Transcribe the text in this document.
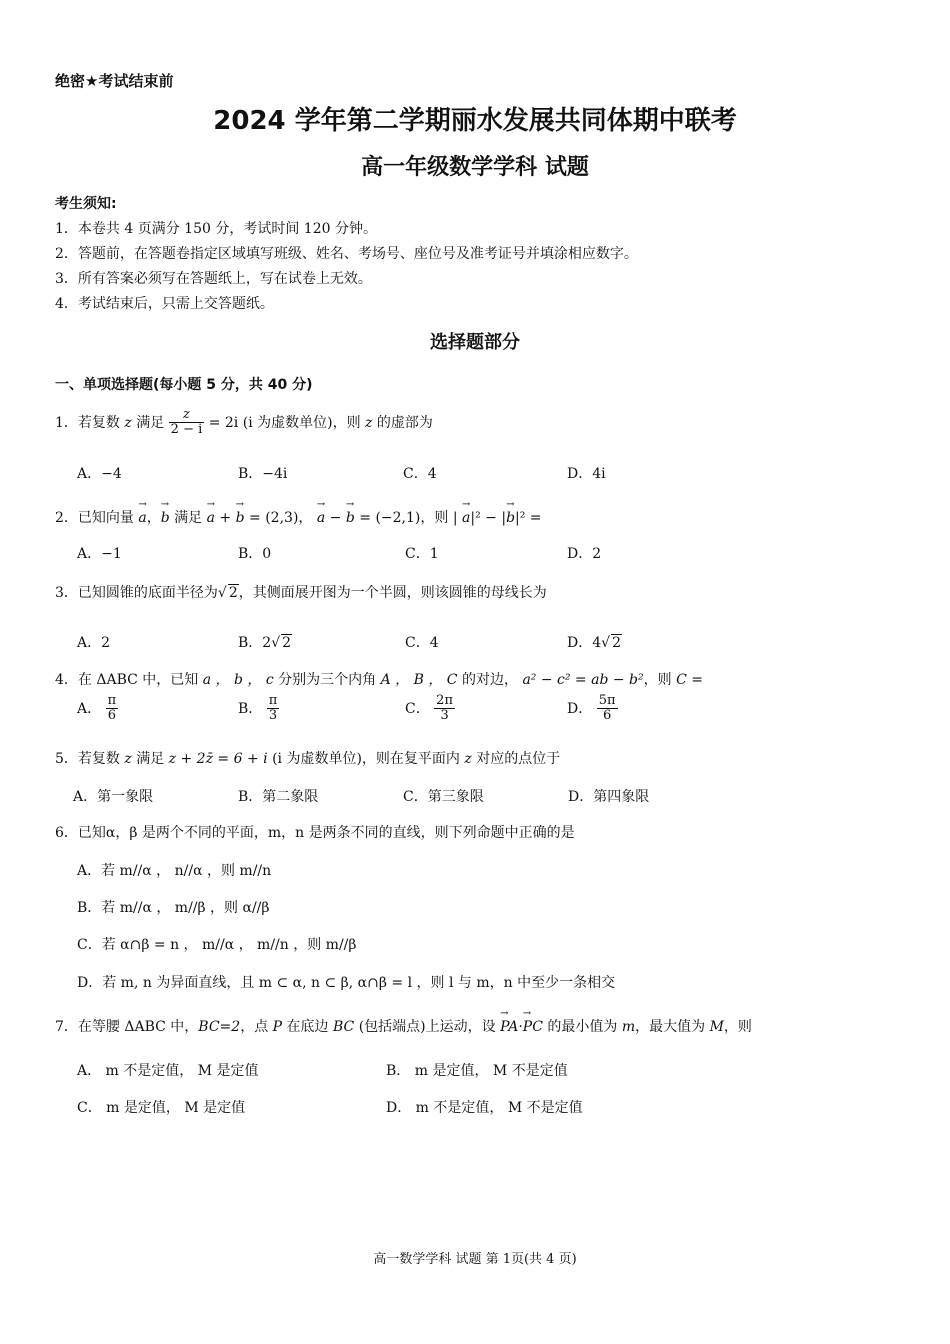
绝密★考试结束前
2024 学年第二学期丽水发展共同体期中联考
高一年级数学学科 试题
考生须知:
1．本卷共 4 页满分 150 分，考试时间 120 分钟。
2．答题前，在答题卷指定区域填写班级、姓名、考场号、座位号及准考证号并填涂相应数字。
3．所有答案必须写在答题纸上，写在试卷上无效。
4．考试结束后，只需上交答题纸。
选择题部分
一、单项选择题(每小题 5 分，共 40 分)
1．若复数 z 满足 $\frac{z}{2 - i} = 2i$ (i 为虚数单位)，则 z 的虚部为
A．−4	B．−4i	C．4	D．4i
2．已知向量 → a，→ b 满足 → a + → b = (2,3)， → a − → b = (−2,1)，则 | → a|² − |→ b|² =
A．−1	B．0	C．1	D．2
3．已知圆锥的底面半径为√ 2，其侧面展开图为一个半圆，则该圆锥的母线长为
A．2	B．2√ 2	C．4	D．4√ 2
4．在 ΔABC 中，已知 a ， b ， c 分别为三个内角 A ， B ， C 的对边， a² − c² = ab − b²，则 C =
A． $\frac{\pi}{6}$	B． $\frac{\pi}{3}$	C． $\frac{2\pi}{3}$	D． $\frac{5\pi}{6}$
5．若复数 z 满足 z + 2z̄ = 6 + i (i 为虚数单位)，则在复平面内 z 对应的点位于
A．第一象限	B．第二象限	C．第三象限	D．第四象限
6．已知α，β 是两个不同的平面，m，n 是两条不同的直线，则下列命题中正确的是
A．若 m//α ， n//α ，则 m//n
B．若 m//α ， m//β ，则 α//β
C．若 α∩β = n ， m//α ， m//n ，则 m//β
D．若 m, n 为异面直线，且 m ⊂ α, n ⊂ β, α∩β = l ，则 l 与 m，n 中至少一条相交
7．在等腰 ΔABC 中，BC=2，点 P 在底边 BC (包括端点)上运动，设 → PA·→ PC 的最小值为 m，最大值为 M，则
A． m 不是定值， M 是定值	B． m 是定值， M 不是定值
C． m 是定值， M 是定值	D． m 不是定值， M 不是定值
高一数学学科 试题 第 1页(共 4 页)
